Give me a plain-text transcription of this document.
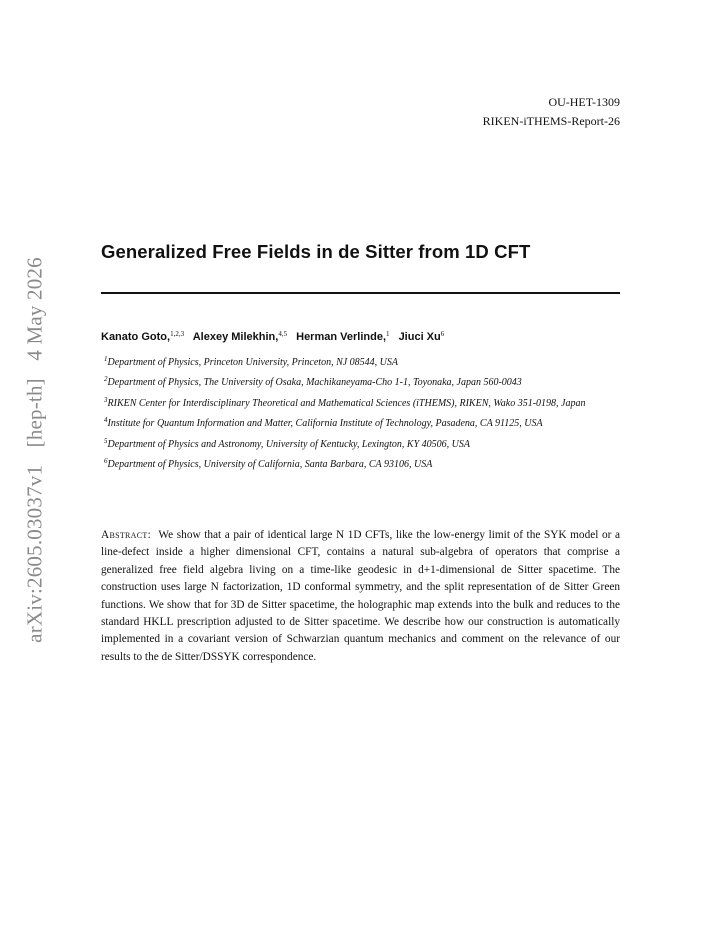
OU-HET-1309
RIKEN-iTHEMS-Report-26
arXiv:2605.03037v1 [hep-th] 4 May 2026
Generalized Free Fields in de Sitter from 1D CFT
Kanato Goto,$^{1,2,3}$ Alexey Milekhin,$^{4,5}$ Herman Verlinde,$^1$ Jiuci Xu$^6$
$^1$Department of Physics, Princeton University, Princeton, NJ 08544, USA
$^2$Department of Physics, The University of Osaka, Machikaneyama-Cho 1-1, Toyonaka, Japan 560-0043
$^3$RIKEN Center for Interdisciplinary Theoretical and Mathematical Sciences (iTHEMS), RIKEN, Wako 351-0198, Japan
$^4$Institute for Quantum Information and Matter, California Institute of Technology, Pasadena, CA 91125, USA
$^5$Department of Physics and Astronomy, University of Kentucky, Lexington, KY 40506, USA
$^6$Department of Physics, University of California, Santa Barbara, CA 93106, USA
Abstract: We show that a pair of identical large N 1D CFTs, like the low-energy limit of the SYK model or a line-defect inside a higher dimensional CFT, contains a natural sub-algebra of operators that comprise a generalized free field algebra living on a time-like geodesic in d+1-dimensional de Sitter spacetime. The construction uses large N factorization, 1D conformal symmetry, and the split representation of de Sitter Green functions. We show that for 3D de Sitter spacetime, the holographic map extends into the bulk and reduces to the standard HKLL prescription adjusted to de Sitter spacetime. We describe how our construction is automatically implemented in a covariant version of Schwarzian quantum mechanics and comment on the relevance of our results to the de Sitter/DSSYK correspondence.
